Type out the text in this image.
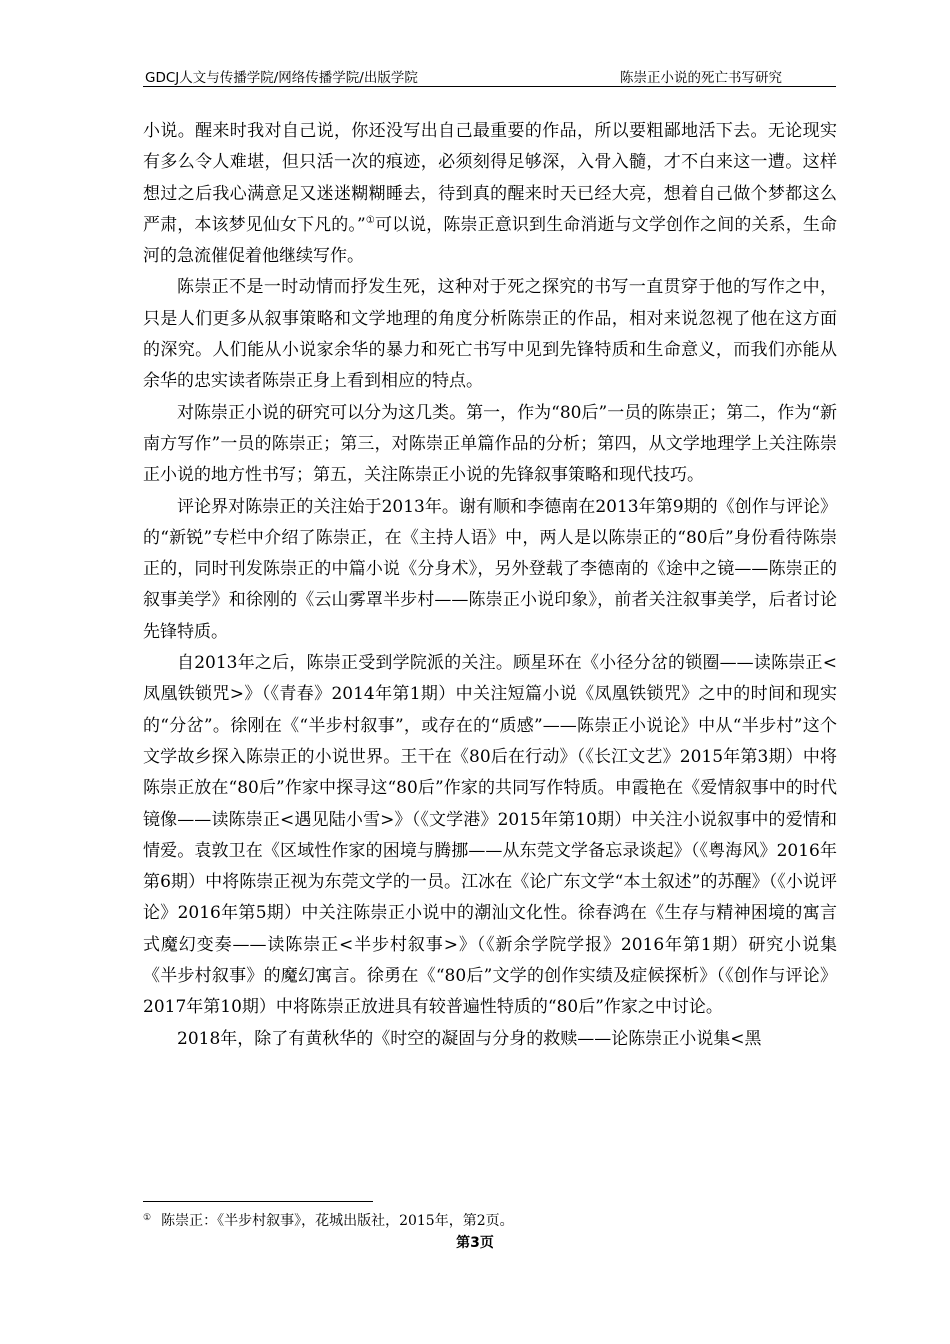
GDCJ人文与传播学院/网络传播学院/出版学院	陈崇正小说的死亡书写研究

小说。醒来时我对自己说，你还没写出自己最重要的作品，所以要粗鄙地活下去。无论现实有多么令人难堪，但只活一次的痕迹，必须刻得足够深，入骨入髓，才不白来这一遭。这样想过之后我心满意足又迷迷糊糊睡去，待到真的醒来时天已经大亮，想着自己做个梦都这么严肃，本该梦见仙女下凡的。”①可以说，陈崇正意识到生命消逝与文学创作之间的关系，生命河的急流催促着他继续写作。

陈崇正不是一时动情而抒发生死，这种对于死之探究的书写一直贯穿于他的写作之中，只是人们更多从叙事策略和文学地理的角度分析陈崇正的作品，相对来说忽视了他在这方面的深究。人们能从小说家余华的暴力和死亡书写中见到先锋特质和生命意义，而我们亦能从余华的忠实读者陈崇正身上看到相应的特点。

对陈崇正小说的研究可以分为这几类。第一，作为“80后”一员的陈崇正；第二，作为“新南方写作”一员的陈崇正；第三，对陈崇正单篇作品的分析；第四，从文学地理学上关注陈崇正小说的地方性书写；第五，关注陈崇正小说的先锋叙事策略和现代技巧。

评论界对陈崇正的关注始于2013年。谢有顺和李德南在2013年第9期的《创作与评论》的“新锐”专栏中介绍了陈崇正，在《主持人语》中，两人是以陈崇正的“80后”身份看待陈崇正的，同时刊发陈崇正的中篇小说《分身术》，另外登载了李德南的《途中之镜——陈崇正的叙事美学》和徐刚的《云山雾罩半步村——陈崇正小说印象》，前者关注叙事美学，后者讨论先锋特质。

自2013年之后，陈崇正受到学院派的关注。顾星环在《小径分岔的锁圈——读陈崇正<凤凰铁锁咒>》（《青春》2014年第1期）中关注短篇小说《凤凰铁锁咒》之中的时间和现实的“分岔”。徐刚在《“半步村叙事”，或存在的“质感”——陈崇正小说论》中从“半步村”这个文学故乡探入陈崇正的小说世界。王干在《80后在行动》（《长江文艺》2015年第3期）中将陈崇正放在“80后”作家中探寻这“80后”作家的共同写作特质。申霞艳在《爱情叙事中的时代镜像——读陈崇正<遇见陆小雪>》（《文学港》2015年第10期）中关注小说叙事中的爱情和情爱。袁敦卫在《区域性作家的困境与腾挪——从东莞文学备忘录谈起》（《粤海风》2016年第6期）中将陈崇正视为东莞文学的一员。江冰在《论广东文学“本土叙述”的苏醒》（《小说评论》2016年第5期）中关注陈崇正小说中的潮汕文化性。徐春鸿在《生存与精神困境的寓言式魔幻变奏——读陈崇正<半步村叙事>》（《新余学院学报》2016年第1期）研究小说集《半步村叙事》的魔幻寓言。徐勇在《“80后”文学的创作实绩及症候探析》（《创作与评论》2017年第10期）中将陈崇正放进具有较普遍性特质的“80后”作家之中讨论。

2018年，除了有黄秋华的《时空的凝固与分身的救赎——论陈崇正小说集<黑

① 陈崇正：《半步村叙事》，花城出版社，2015年，第2页。
第3页
